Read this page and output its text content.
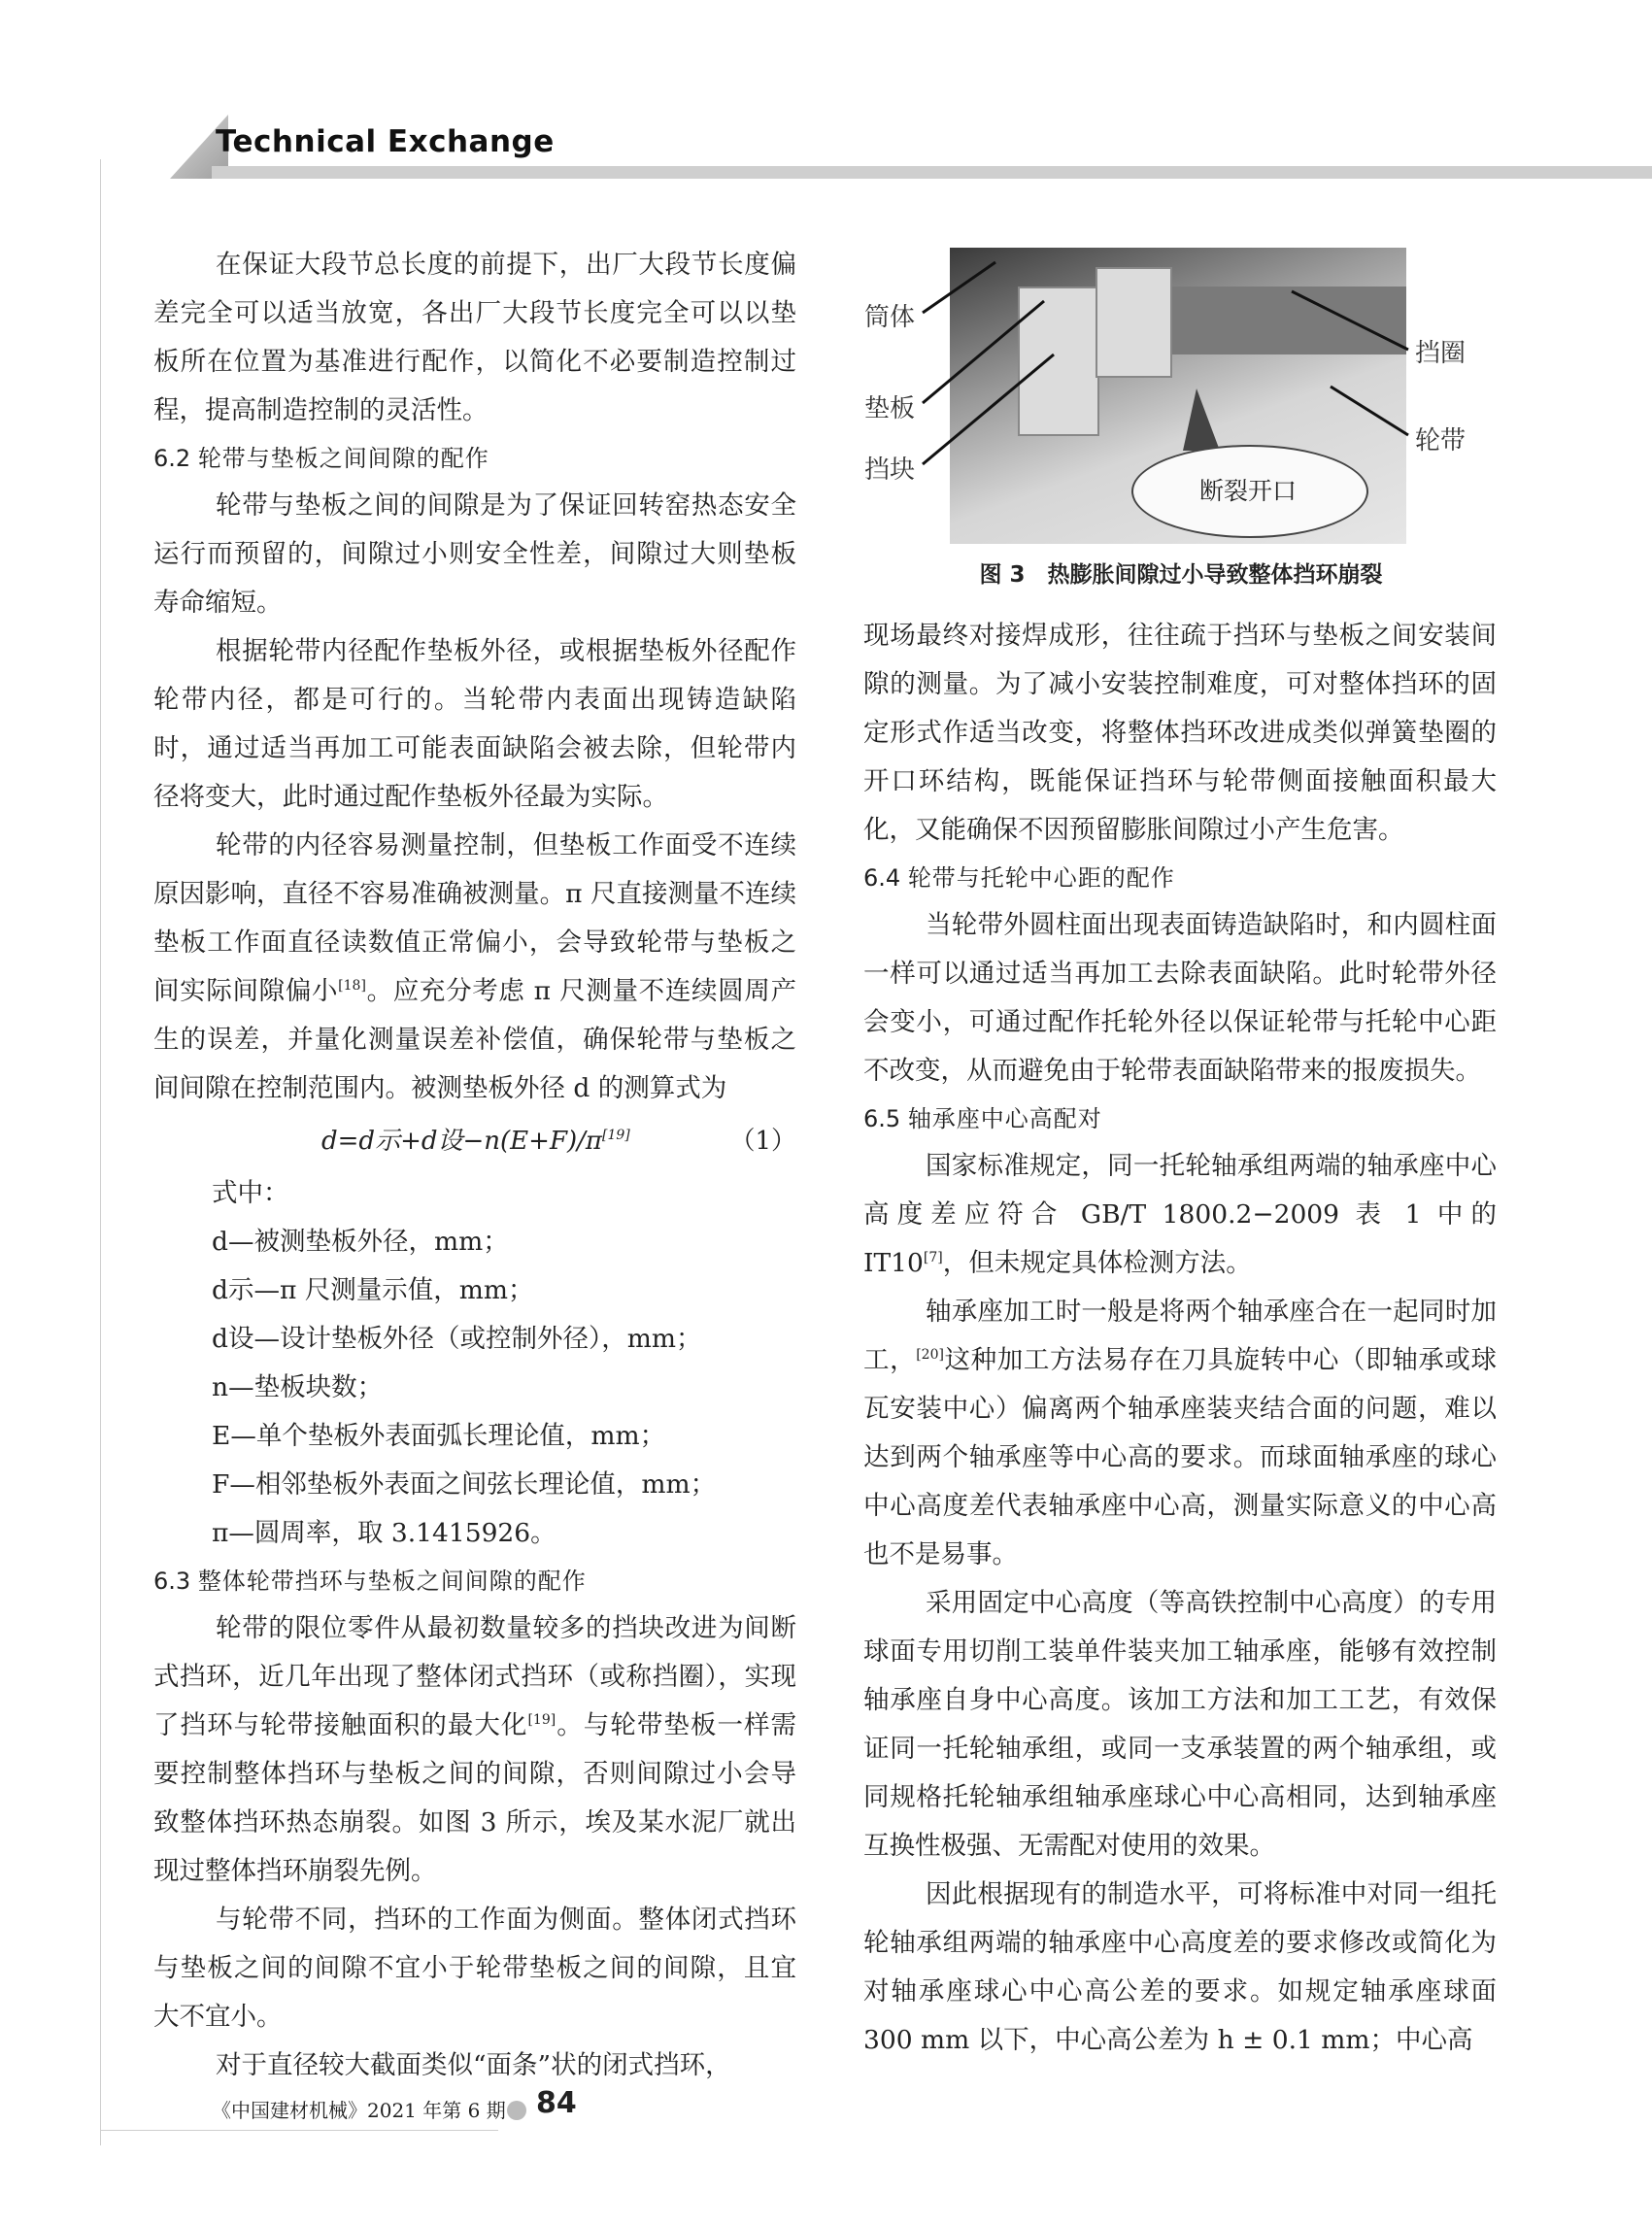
Technical Exchange

在保证大段节总长度的前提下，出厂大段节长度偏差完全可以适当放宽，各出厂大段节长度完全可以以垫板所在位置为基准进行配作，以简化不必要制造控制过程，提高制造控制的灵活性。

6.2 轮带与垫板之间间隙的配作

轮带与垫板之间的间隙是为了保证回转窑热态安全运行而预留的，间隙过小则安全性差，间隙过大则垫板寿命缩短。

根据轮带内径配作垫板外径，或根据垫板外径配作轮带内径，都是可行的。当轮带内表面出现铸造缺陷时，通过适当再加工可能表面缺陷会被去除，但轮带内径将变大，此时通过配作垫板外径最为实际。

轮带的内径容易测量控制，但垫板工作面受不连续原因影响，直径不容易准确被测量。π 尺直接测量不连续垫板工作面直径读数值正常偏小，会导致轮带与垫板之间实际间隙偏小[18]。应充分考虑 π 尺测量不连续圆周产生的误差，并量化测量误差补偿值，确保轮带与垫板之间间隙在控制范围内。被测垫板外径 d 的测算式为

d=d示+d设−n(E+F)/π[19]	（1）

式中：

d—被测垫板外径，mm；

d示—π 尺测量示值，mm；

d设—设计垫板外径（或控制外径），mm；

n—垫板块数；

E—单个垫板外表面弧长理论值，mm；

F—相邻垫板外表面之间弦长理论值，mm；

π—圆周率，取 3.1415926。

6.3 整体轮带挡环与垫板之间间隙的配作

轮带的限位零件从最初数量较多的挡块改进为间断式挡环，近几年出现了整体闭式挡环（或称挡圈），实现了挡环与轮带接触面积的最大化[19]。与轮带垫板一样需要控制整体挡环与垫板之间的间隙，否则间隙过小会导致整体挡环热态崩裂。如图 3 所示，埃及某水泥厂就出现过整体挡环崩裂先例。

与轮带不同，挡环的工作面为侧面。整体闭式挡环与垫板之间的间隙不宜小于轮带垫板之间的间隙，且宜大不宜小。

对于直径较大截面类似“面条”状的闭式挡环，

断裂开口
筒体
垫板
挡块
挡圈
轮带
图 3　热膨胀间隙过小导致整体挡环崩裂

现场最终对接焊成形，往往疏于挡环与垫板之间安装间隙的测量。为了减小安装控制难度，可对整体挡环的固定形式作适当改变，将整体挡环改进成类似弹簧垫圈的开口环结构，既能保证挡环与轮带侧面接触面积最大化，又能确保不因预留膨胀间隙过小产生危害。

6.4 轮带与托轮中心距的配作

当轮带外圆柱面出现表面铸造缺陷时，和内圆柱面一样可以通过适当再加工去除表面缺陷。此时轮带外径会变小，可通过配作托轮外径以保证轮带与托轮中心距不改变，从而避免由于轮带表面缺陷带来的报废损失。

6.5 轴承座中心高配对

国家标准规定，同一托轮轴承组两端的轴承座中心高度差应符合 GB/T 1800.2−2009 表 1 中的 IT10[7]，但未规定具体检测方法。

轴承座加工时一般是将两个轴承座合在一起同时加工，[20]这种加工方法易存在刀具旋转中心（即轴承或球瓦安装中心）偏离两个轴承座装夹结合面的问题，难以达到两个轴承座等中心高的要求。而球面轴承座的球心中心高度差代表轴承座中心高，测量实际意义的中心高也不是易事。

采用固定中心高度（等高铁控制中心高度）的专用球面专用切削工装单件装夹加工轴承座，能够有效控制轴承座自身中心高度。该加工方法和加工工艺，有效保证同一托轮轴承组，或同一支承装置的两个轴承组，或同规格托轮轴承组轴承座球心中心高相同，达到轴承座互换性极强、无需配对使用的效果。

因此根据现有的制造水平，可将标准中对同一组托轮轴承组两端的轴承座中心高度差的要求修改或简化为对轴承座球心中心高公差的要求。如规定轴承座球面 300 mm 以下，中心高公差为 h ± 0.1 mm；中心高

《中国建材机械》2021 年第 6 期 84
